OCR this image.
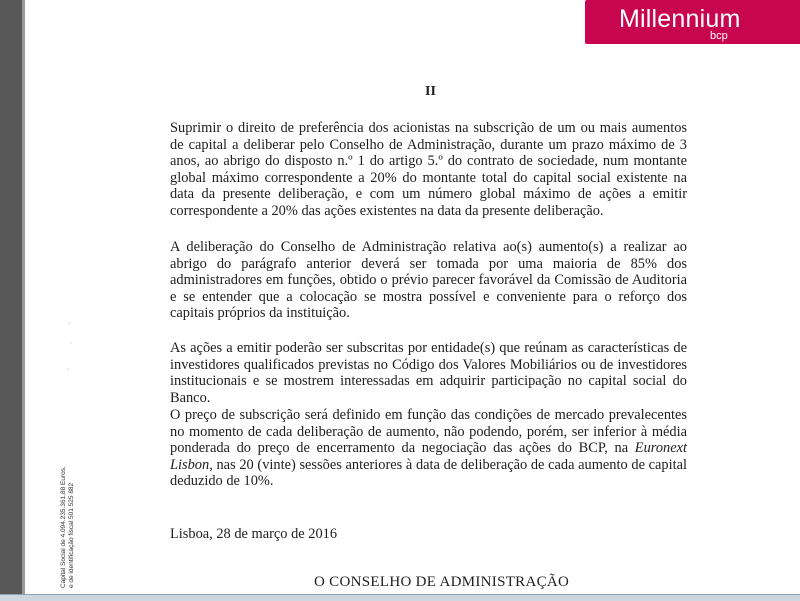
Millennium
bcp
II

Suprimir o direito de preferência dos acionistas na subscrição de um ou mais aumentos de capital a deliberar pelo Conselho de Administração, durante um prazo máximo de 3 anos, ao abrigo do disposto n.º 1 do artigo 5.º do contrato de sociedade, num montante global máximo correspondente a 20% do montante total do capital social existente na data da presente deliberação, e com um número global máximo de ações a emitir correspondente a 20% das ações existentes na data da presente deliberação.

A deliberação do Conselho de Administração relativa ao(s) aumento(s) a realizar ao abrigo do parágrafo anterior deverá ser tomada por uma maioria de 85% dos administradores em funções, obtido o prévio parecer favorável da Comissão de Auditoria e se entender que a colocação se mostra possível e conveniente para o reforço dos capitais próprios da instituição.

As ações a emitir poderão ser subscritas por entidade(s) que reúnam as características de investidores qualificados previstas no Código dos Valores Mobiliários ou de investidores institucionais e se mostrem interessadas em adquirir participação no capital social do Banco.

O preço de subscrição será definido em função das condições de mercado prevalecentes no momento de cada deliberação de aumento, não podendo, porém, ser inferior à média ponderada do preço de encerramento da negociação das ações do BCP, na Euronext Lisbon, nas 20 (vinte) sessões anteriores à data de deliberação de cada aumento de capital deduzido de 10%.

Lisboa, 28 de março de 2016
O CONSELHO DE ADMINISTRAÇÃO
Capital Social de 4.094.235.361,88 Euros, e de identificação fiscal 501 525 882
